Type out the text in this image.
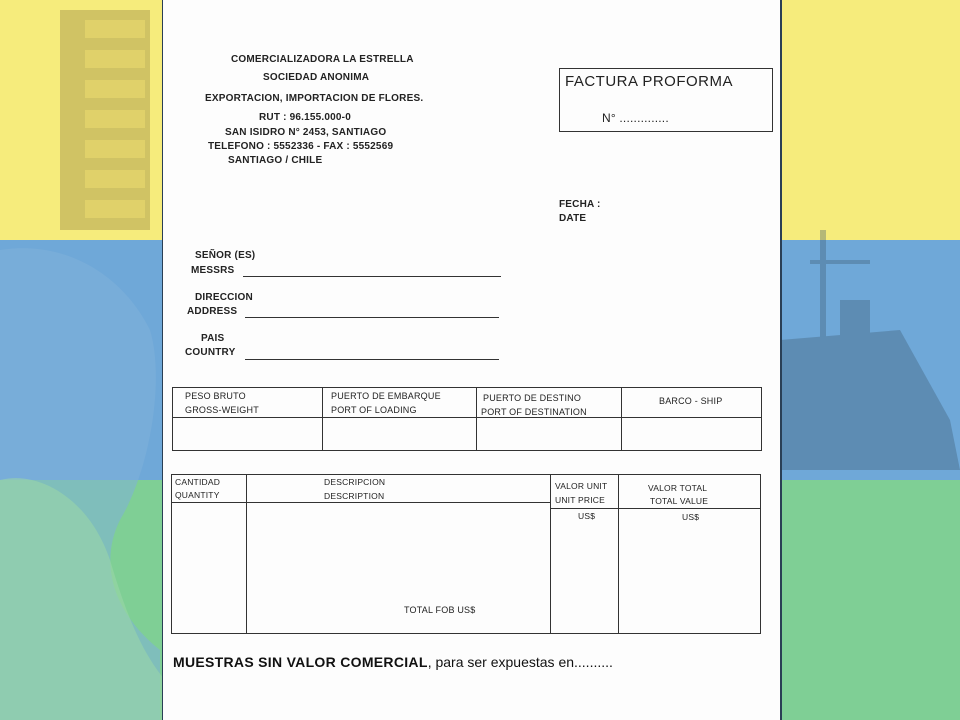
COMERCIALIZADORA LA ESTRELLA
SOCIEDAD ANONIMA
EXPORTACION, IMPORTACION DE FLORES.
RUT : 96.155.000-0
SAN ISIDRO N° 2453, SANTIAGO
TELEFONO : 5552336 - FAX : 5552569
SANTIAGO / CHILE
FACTURA PROFORMA
N° ..............
FECHA :
DATE
SEÑOR (ES)
MESSRS
DIRECCION
ADDRESS
PAIS
COUNTRY
PESO BRUTO
GROSS-WEIGHT
PUERTO DE EMBARQUE
PORT OF LOADING
PUERTO DE DESTINO
PORT OF DESTINATION
BARCO - SHIP
CANTIDAD
QUANTITY
DESCRIPCION
DESCRIPTION
VALOR UNIT
UNIT PRICE
VALOR TOTAL
TOTAL VALUE
US$	US$
TOTAL FOB US$
MUESTRAS SIN VALOR COMERCIAL, para ser expuestas en..........
